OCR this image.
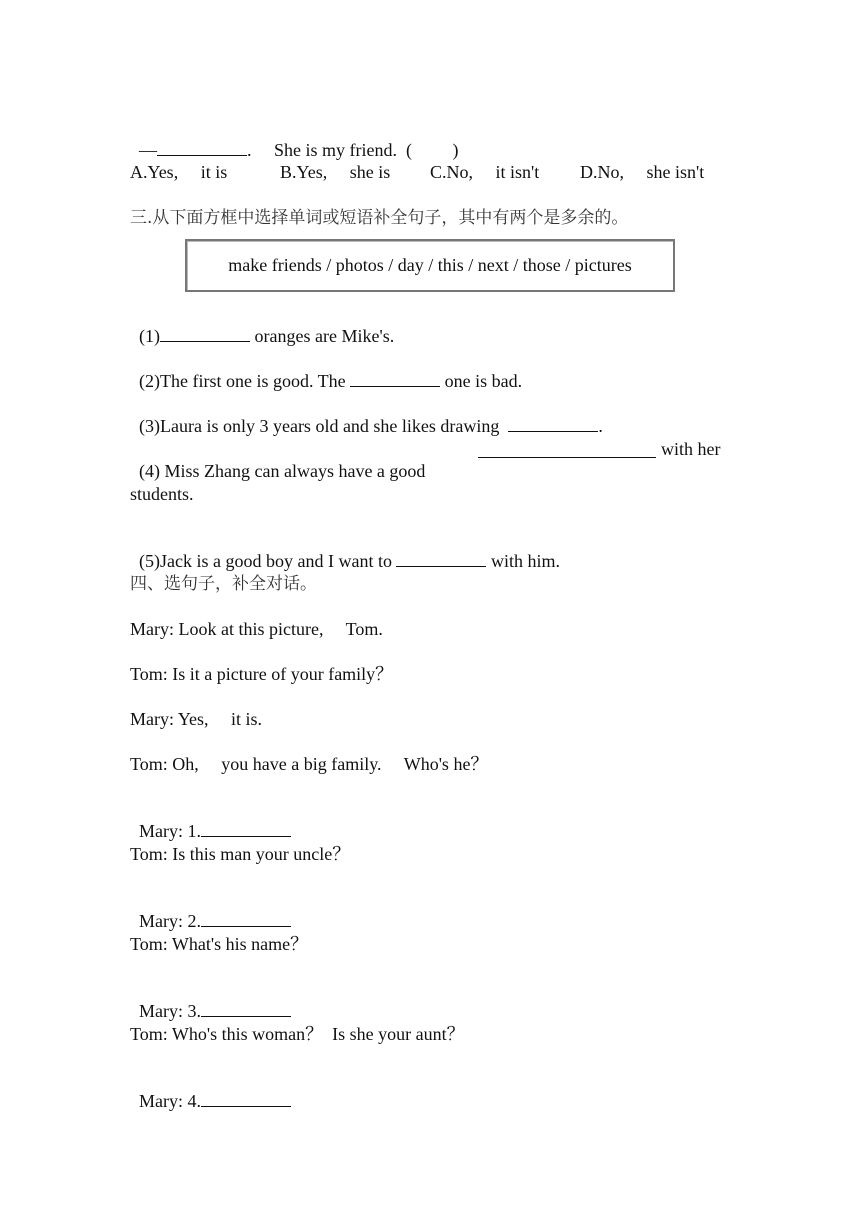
—	. She is my friend. (         )

A.Yes,     it is	B.Yes,     she is C.No,     it isn't D.No,     she isn't
三.从下面方框中选择单词或短语补全句子，其中有两个是多余的。
make friends / photos / day / this / next / those / pictures

(1)	oranges are Mike's.

(2)The first one is good. The	one is bad.

(3)Laura is only 3 years old and she likes drawing	.

(4) Miss Zhang can always have a good

with her

students.

(5)Jack is a good boy and I want to	with him.

四、选句子，补全对话。
Mary: Look at this picture,     Tom.
Tom: Is it a picture of your family？
Mary: Yes,     it is.
Tom: Oh,     you have a big family.     Who's he？

Mary: 1.

Tom: Is this man your uncle？

Mary: 2.

Tom: What's his name？

Mary: 3.

Tom: Who's this woman？  Is she your aunt？

Mary: 4.
